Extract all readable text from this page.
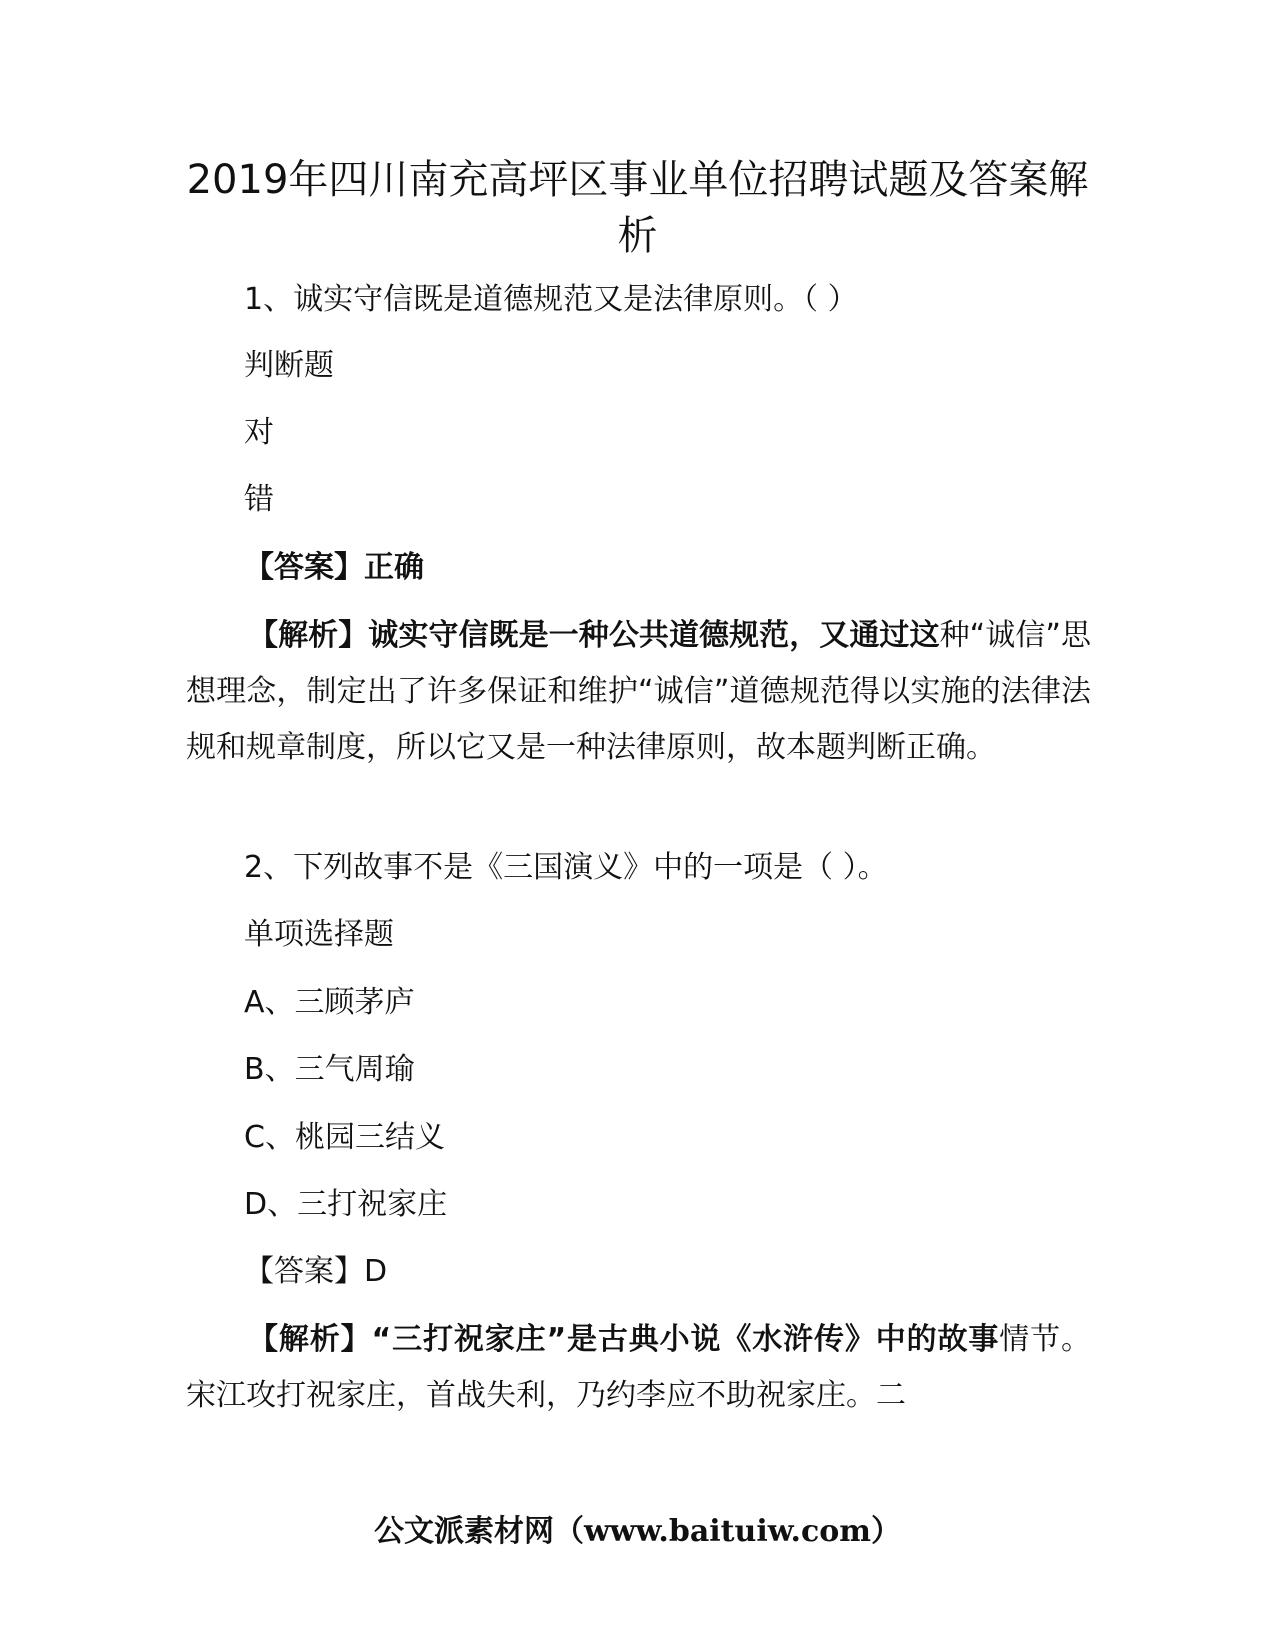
2019年四川南充高坪区事业单位招聘试题及答案解析

1、诚实守信既是道德规范又是法律原则。（ ）

判断题

对

错

【答案】正确

【解析】诚实守信既是一种公共道德规范，又通过这种“诚信”思想理念，制定出了许多保证和维护“诚信”道德规范得以实施的法律法规和规章制度，所以它又是一种法律原则，故本题判断正确。

2、下列故事不是《三国演义》中的一项是（ ）。

单项选择题

A、三顾茅庐

B、三气周瑜

C、桃园三结义

D、三打祝家庄

【答案】D

【解析】“三打祝家庄”是古典小说《水浒传》中的故事情节。宋江攻打祝家庄，首战失利，乃约李应不助祝家庄。二

公文派素材网（www.baituiw.com）
